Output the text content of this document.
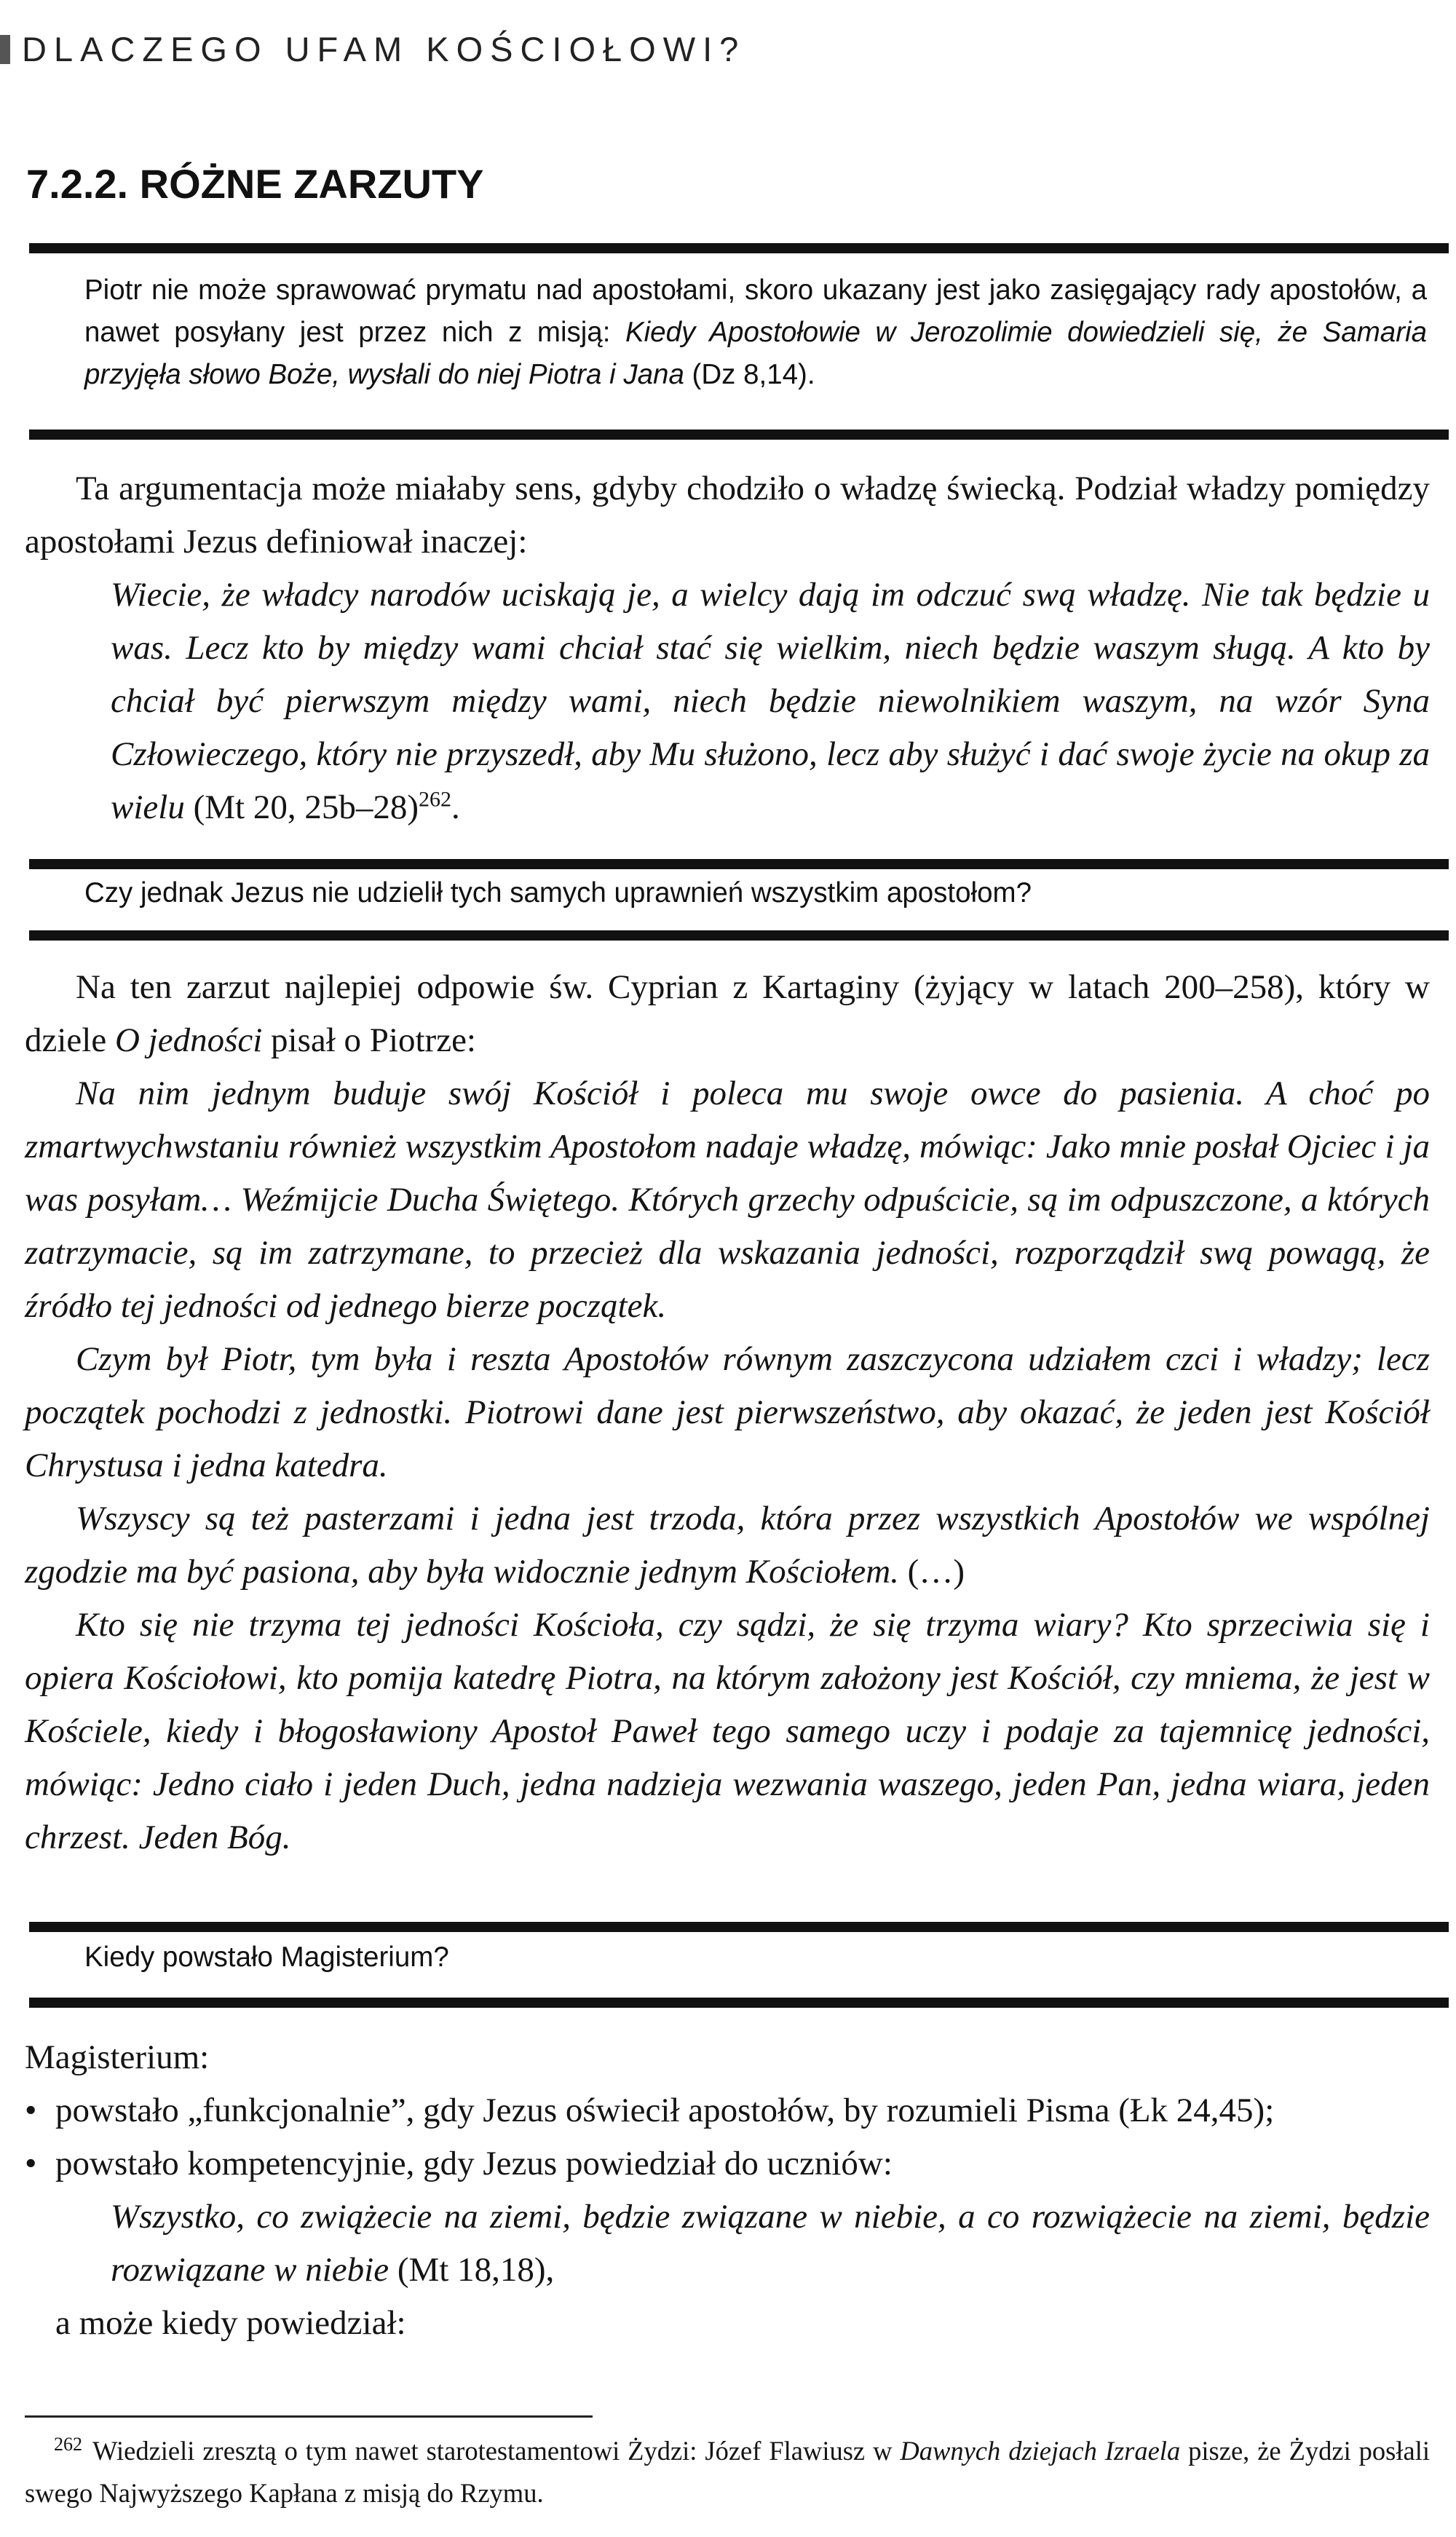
DLACZEGO UFAM KOŚCIOŁOWI?
7.2.2. RÓŻNE ZARZUTY

Piotr nie może sprawować prymatu nad apostołami, skoro ukazany jest jako zasięgający rady apostołów, a nawet posyłany jest przez nich z misją: Kiedy Apostołowie w Jerozolimie dowiedzieli się, że Samaria przyjęła słowo Boże, wysłali do niej Piotra i Jana (Dz 8,14).

Ta argumentacja może miałaby sens, gdyby chodziło o władzę świecką. Podział władzy pomiędzy apostołami Jezus definiował inaczej:

Wiecie, że władcy narodów uciskają je, a wielcy dają im odczuć swą władzę. Nie tak będzie u was. Lecz kto by między wami chciał stać się wielkim, niech będzie waszym sługą. A kto by chciał być pierwszym między wami, niech będzie niewolnikiem waszym, na wzór Syna Człowieczego, który nie przyszedł, aby Mu służono, lecz aby służyć i dać swoje życie na okup za wielu (Mt 20, 25b–28)$^{262}$.

Czy jednak Jezus nie udzielił tych samych uprawnień wszystkim apostołom?

Na ten zarzut najlepiej odpowie św. Cyprian z Kartaginy (żyjący w latach 200–258), który w dziele O jedności pisał o Piotrze:

Na nim jednym buduje swój Kościół i poleca mu swoje owce do pasienia. A choć po zmartwychwstaniu również wszystkim Apostołom nadaje władzę, mówiąc: Jako mnie posłał Ojciec i ja was posyłam… Weźmijcie Ducha Świętego. Których grzechy odpuścicie, są im odpuszczone, a których zatrzymacie, są im zatrzymane, to przecież dla wskazania jedności, rozporządził swą powagą, że źródło tej jedności od jednego bierze początek.

Czym był Piotr, tym była i reszta Apostołów równym zaszczycona udziałem czci i władzy; lecz początek pochodzi z jednostki. Piotrowi dane jest pierwszeństwo, aby okazać, że jeden jest Kościół Chrystusa i jedna katedra.

Wszyscy są też pasterzami i jedna jest trzoda, która przez wszystkich Apostołów we wspólnej zgodzie ma być pasiona, aby była widocznie jednym Kościołem. (…)

Kto się nie trzyma tej jedności Kościoła, czy sądzi, że się trzyma wiary? Kto sprzeciwia się i opiera Kościołowi, kto pomija katedrę Piotra, na którym założony jest Kościół, czy mniema, że jest w Kościele, kiedy i błogosławiony Apostoł Paweł tego samego uczy i podaje za tajemnicę jedności, mówiąc: Jedno ciało i jeden Duch, jedna nadzieja wezwania waszego, jeden Pan, jedna wiara, jeden chrzest. Jeden Bóg.

Kiedy powstało Magisterium?

Magisterium:

• powstało „funkcjonalnie”, gdy Jezus oświecił apostołów, by rozumieli Pisma (Łk 24,45);
• powstało kompetencyjnie, gdy Jezus powiedział do uczniów:

Wszystko, co zwiążecie na ziemi, będzie związane w niebie, a co rozwiążecie na ziemi, będzie rozwiązane w niebie (Mt 18,18),

a może kiedy powiedział:

$^{262}$ Wiedzieli zresztą o tym nawet starotestamentowi Żydzi: Józef Flawiusz w Dawnych dziejach Izraela pisze, że Żydzi posłali swego Najwyższego Kapłana z misją do Rzymu.
